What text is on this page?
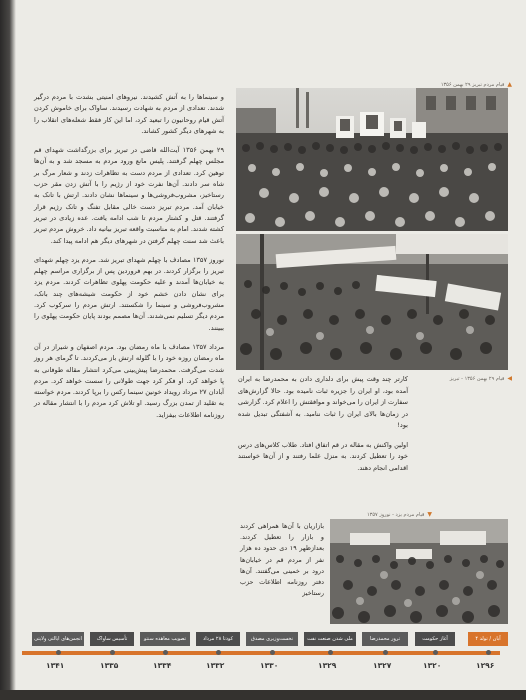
و سینماها را به آتش کشیدند. نیروهای امنیتی بشدت با مردم درگیر شدند. تعدادی از مردم به شهادت رسیدند. ساواک برای خاموش کردن آتش قیام روحانیون را تبعید کرد، اما این کار فقط شعله‌های انقلاب را به شهرهای دیگر کشور کشاند.

۲۹ بهمن ۱۳۵۶ آیت‌الله قاضی در تبریز برای بزرگداشت شهدای قم مجلس چهلم گرفتند. پلیس مانع ورود مردم به مسجد شد و به آن‌ها توهین کرد. تعدادی از مردم دست به تظاهرات زدند و شعار مرگ بر شاه سر دادند. آن‌ها نفرت خود از رژیم را با آتش زدن مقر حزب رستاخیز، مشروب‌فروشی‌ها و سینماها نشان دادند. ارتش با تانک به خیابان آمد. مردم تبریز دست خالی مقابل تفنگ و تانک رژیم قرار گرفتند. قتل و کشتار مردم تا شب ادامه یافت. عده زیادی در تبریز کشته شدند. امام به مناسبت واقعه تبریز بیانیه داد. خروش مردم تبریز باعث شد سنت چهلم گرفتن در شهرهای دیگر هم ادامه پیدا کند.

نوروز ۱۳۵۷ مصادف با چهلم شهدای تبریز شد. مردم یزد چهلم شهدای تبریز را برگزار کردند. در بهم فروردین پس از برگزاری مراسم چهلم به خیابان‌ها آمدند و علیه حکومت پهلوی تظاهرات کردند. مردم یزد برای نشان دادن خشم خود از حکومت شیشه‌های چند بانک، مشروب‌فروشی و سینما را شکستند. ارتش مردم را سرکوب کرد. مردم دیگر تسلیم نمی‌شدند. آن‌ها مصمم بودند پایان حکومت پهلوی را ببینند.

مرداد ۱۳۵۷ مصادف با ماه رمضان بود. مردم اصفهان و شیراز در آن ماه رمضان روزه خود را با گلوله ارتش باز می‌کردند. تا گرمای هر روز شدت می‌گرفت. محمدرضا پیش‌بینی می‌کرد انتشار مقاله طوفانی به پا خواهد کرد. او فکر کرد جهت طولانی را سست خواهد کرد. مردم آبادان ۲۷ مرداد رویداد خونین سینما رکس را برپا کردند. مردم خواسته به تقلید از تمدن بزرگ رسید. او تلاش کرد مردم را با انتشار مقاله در روزنامه اطلاعات بیفزاید.

▲قیام مردم تبریز ۲۹ بهمن ۱۳۵۶
◀قیام ۲۹ بهمن ۱۳۵۶ - تبریز

کارتر چند وقت پیش برای دلداری دادن به محمدرضا به ایران آمده بود، او ایران را جزیره ثبات نامیده بود. حالا گزارش‌های سفارت از ایران را می‌خواند و موافقتش را اعلام کرد. گزارشی در زمان‌ها بالای ایران را ثبات ننامید. به آشفتگی تبدیل شده بود!

اولین واکنش به مقاله در قم اتفاق افتاد. طلاب کلاس‌های درس خود را تعطیل کردند. به منزل علما رفتند و از آن‌ها خواستند اقدامی انجام دهند.

▼قیام مردم یزد - نوروز ۱۳۵۷

بازاریان با آن‌ها همراهی کردند و بازار را تعطیل کردند. بعدازظهر ۱۹ دی حدود ده هزار نفر از مردم قم در خیابان‌ها درود بر خمینی می‌گفتند. آن‌ها دفتر روزنامه اطلاعات حزب رستاخیز

۴ آبان / تولد
آغاز حکومت
ترور محمدرضا
ملی شدن صنعت نفت
نخست‌وزیری مصدق
کودتا ۲۸ مرداد
تصویب معاهده سنتو
تأسیس ساواک
انجمن‌های ایالتی ولایتی
۱۲۹۶
۱۳۲۰
۱۳۲۷
۱۳۲۹
۱۳۳۰
۱۳۳۲
۱۳۳۴
۱۳۳۵
۱۳۴۱
